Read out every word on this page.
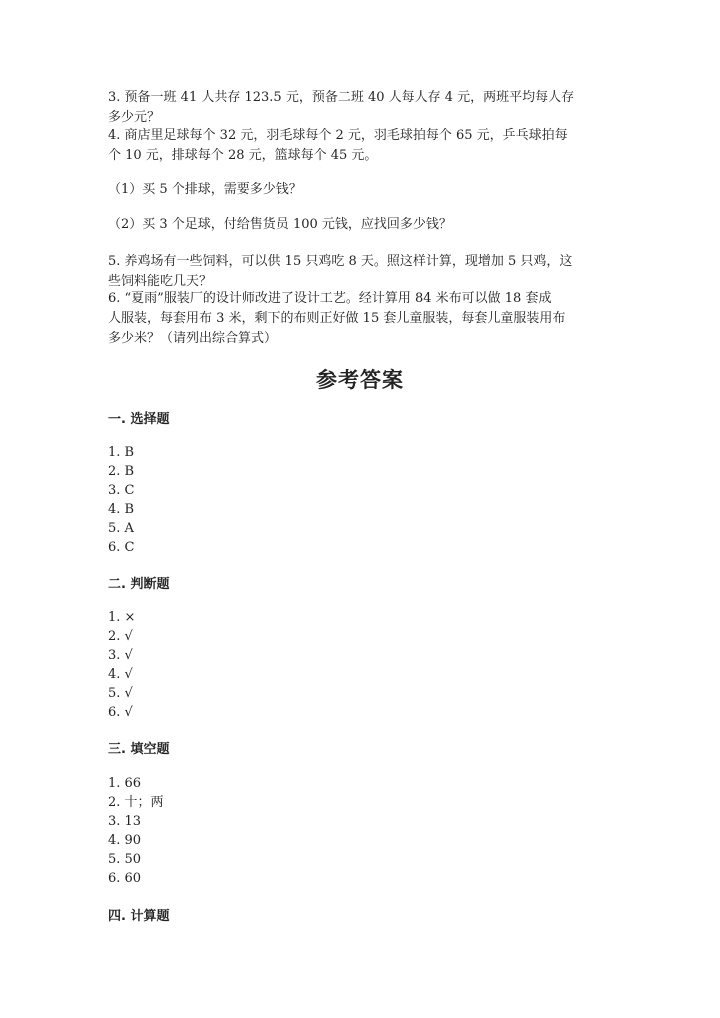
3. 预备一班 41 人共存 123.5 元，预备二班 40 人每人存 4 元，两班平均每人存
多少元？
4. 商店里足球每个 32 元，羽毛球每个 2 元，羽毛球拍每个 65 元，乒乓球拍每
个 10 元，排球每个 28 元，篮球每个 45 元。
（1）买 5 个排球，需要多少钱？
（2）买 3 个足球，付给售货员 100 元钱，应找回多少钱？
5. 养鸡场有一些饲料，可以供 15 只鸡吃 8 天。照这样计算，现增加 5 只鸡，这
些饲料能吃几天？
6. “夏雨”服装厂的设计师改进了设计工艺。经计算用 84 米布可以做 18 套成
人服装，每套用布 3 米，剩下的布则正好做 15 套儿童服装，每套儿童服装用布
多少米？（请列出综合算式）
参考答案
一. 选择题
1. B
2. B
3. C
4. B
5. A
6. C
二. 判断题
1. ×
2. √
3. √
4. √
5. √
6. √
三. 填空题
1. 66
2. 十；两
3. 13
4. 90
5. 50
6. 60
四. 计算题
